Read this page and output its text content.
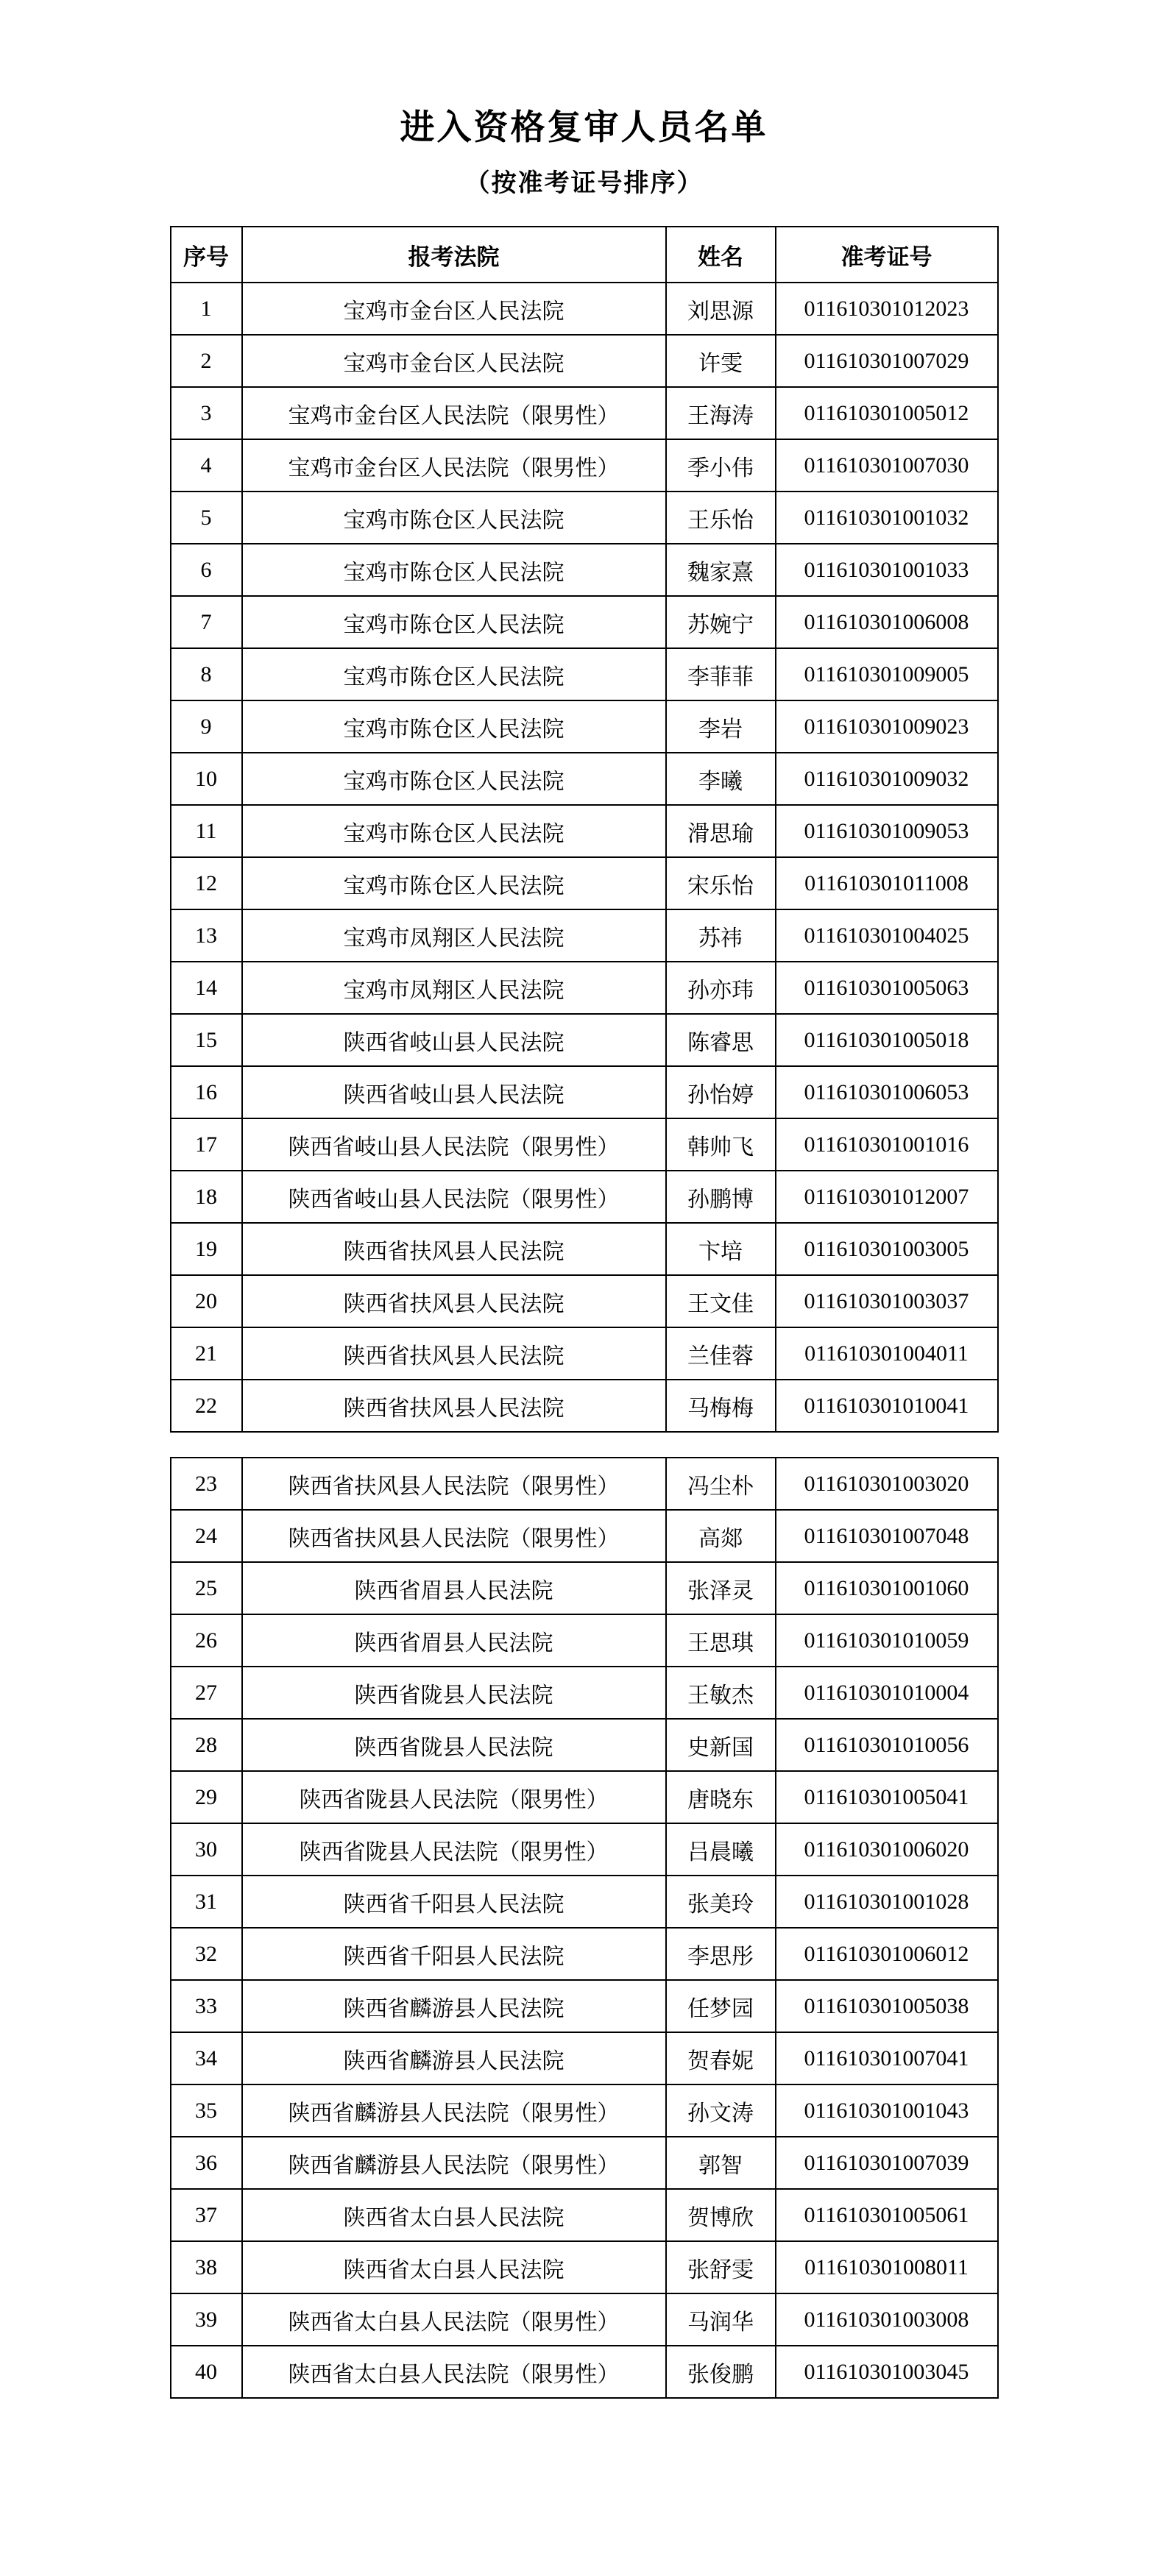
进入资格复审人员名单
（按准考证号排序）
序号	报考法院	姓名	准考证号
1	宝鸡市金台区人民法院	刘思源	011610301012023
2	宝鸡市金台区人民法院	许雯	011610301007029
3	宝鸡市金台区人民法院（限男性）	王海涛	011610301005012
4	宝鸡市金台区人民法院（限男性）	季小伟	011610301007030
5	宝鸡市陈仓区人民法院	王乐怡	011610301001032
6	宝鸡市陈仓区人民法院	魏家熹	011610301001033
7	宝鸡市陈仓区人民法院	苏婉宁	011610301006008
8	宝鸡市陈仓区人民法院	李菲菲	011610301009005
9	宝鸡市陈仓区人民法院	李岩	011610301009023
10	宝鸡市陈仓区人民法院	李曦	011610301009032
11	宝鸡市陈仓区人民法院	滑思瑜	011610301009053
12	宝鸡市陈仓区人民法院	宋乐怡	011610301011008
13	宝鸡市凤翔区人民法院	苏祎	011610301004025
14	宝鸡市凤翔区人民法院	孙亦玮	011610301005063
15	陕西省岐山县人民法院	陈睿思	011610301005018
16	陕西省岐山县人民法院	孙怡婷	011610301006053
17	陕西省岐山县人民法院（限男性）	韩帅飞	011610301001016
18	陕西省岐山县人民法院（限男性）	孙鹏博	011610301012007
19	陕西省扶风县人民法院	卞培	011610301003005
20	陕西省扶风县人民法院	王文佳	011610301003037
21	陕西省扶风县人民法院	兰佳蓉	011610301004011
22	陕西省扶风县人民法院	马梅梅	011610301010041
23	陕西省扶风县人民法院（限男性）	冯尘朴	011610301003020
24	陕西省扶风县人民法院（限男性）	高郯	011610301007048
25	陕西省眉县人民法院	张泽灵	011610301001060
26	陕西省眉县人民法院	王思琪	011610301010059
27	陕西省陇县人民法院	王敏杰	011610301010004
28	陕西省陇县人民法院	史新国	011610301010056
29	陕西省陇县人民法院（限男性）	唐晓东	011610301005041
30	陕西省陇县人民法院（限男性）	吕晨曦	011610301006020
31	陕西省千阳县人民法院	张美玲	011610301001028
32	陕西省千阳县人民法院	李思彤	011610301006012
33	陕西省麟游县人民法院	任梦园	011610301005038
34	陕西省麟游县人民法院	贺春妮	011610301007041
35	陕西省麟游县人民法院（限男性）	孙文涛	011610301001043
36	陕西省麟游县人民法院（限男性）	郭智	011610301007039
37	陕西省太白县人民法院	贺博欣	011610301005061
38	陕西省太白县人民法院	张舒雯	011610301008011
39	陕西省太白县人民法院（限男性）	马润华	011610301003008
40	陕西省太白县人民法院（限男性）	张俊鹏	011610301003045
